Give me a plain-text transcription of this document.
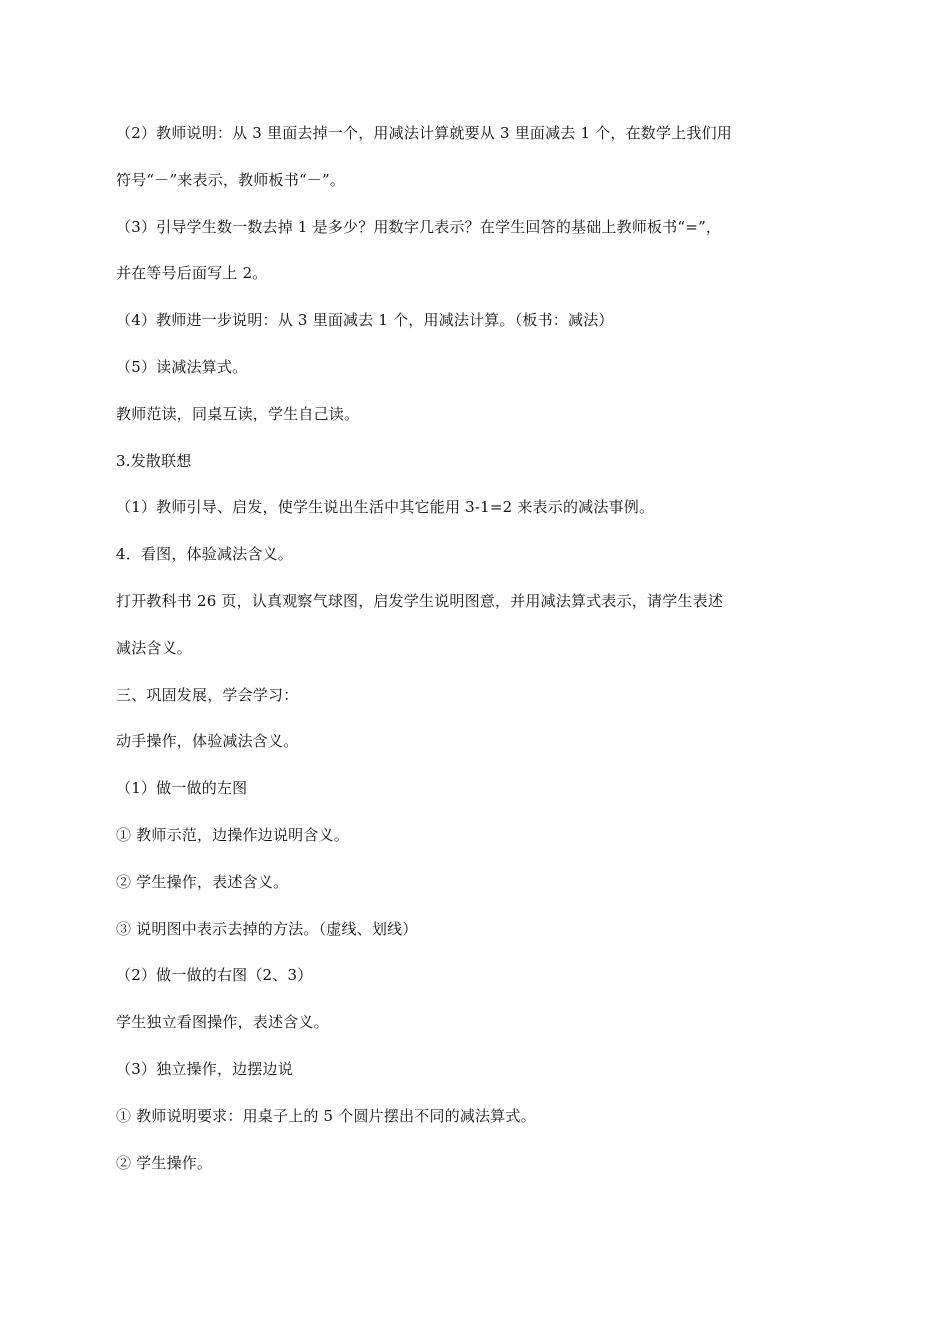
（2）教师说明：从 3 里面去掉一个，用减法计算就要从 3 里面减去 1 个，在数学上我们用

符号“－”来表示，教师板书“－”。

（3）引导学生数一数去掉 1 是多少？用数字几表示？在学生回答的基础上教师板书“=”，

并在等号后面写上 2。

（4）教师进一步说明：从 3 里面减去 1 个，用减法计算。（板书：减法）

（5）读减法算式。

教师范读，同桌互读，学生自己读。

3.发散联想

（1）教师引导、启发，使学生说出生活中其它能用 3-1=2 来表示的减法事例。

4．看图，体验减法含义。

打开教科书 26 页，认真观察气球图，启发学生说明图意，并用减法算式表示，请学生表述

减法含义。

三、巩固发展，学会学习：

动手操作，体验减法含义。

（1）做一做的左图

① 教师示范，边操作边说明含义。

② 学生操作，表述含义。

③ 说明图中表示去掉的方法。（虚线、划线）

（2）做一做的右图（2、3）

学生独立看图操作，表述含义。

（3）独立操作，边摆边说

① 教师说明要求：用桌子上的 5 个圆片摆出不同的减法算式。

② 学生操作。
